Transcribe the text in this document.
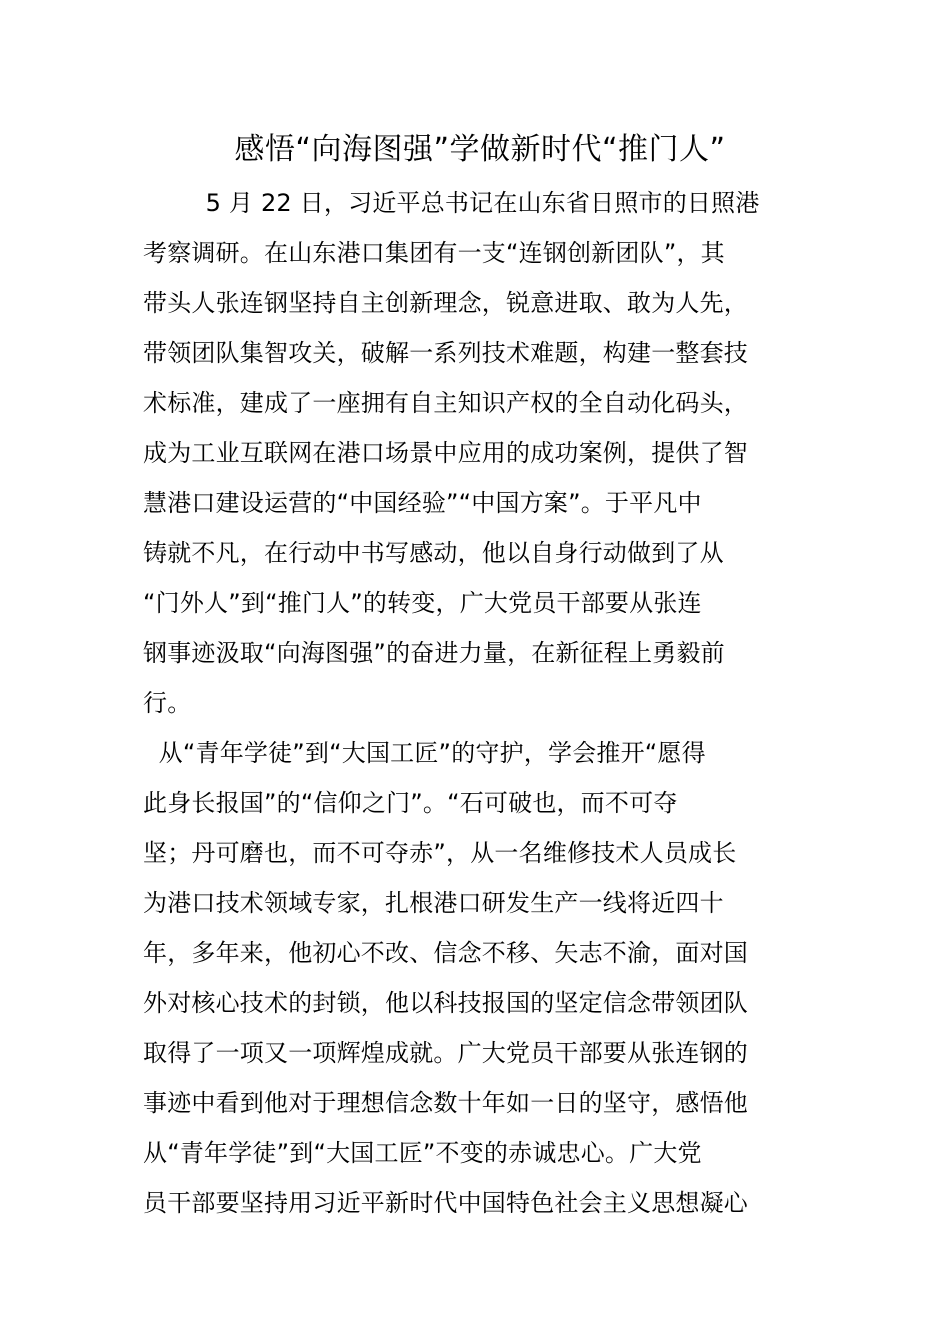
感悟“向海图强”学做新时代“推门人”
5 月 22 日，习近平总书记在山东省日照市的日照港
考察调研。在山东港口集团有一支“连钢创新团队”，其
带头人张连钢坚持自主创新理念，锐意进取、敢为人先，
带领团队集智攻关，破解一系列技术难题，构建一整套技
术标准，建成了一座拥有自主知识产权的全自动化码头，
成为工业互联网在港口场景中应用的成功案例，提供了智
慧港口建设运营的“中国经验”“中国方案”。于平凡中
铸就不凡，在行动中书写感动，他以自身行动做到了从
“门外人”到“推门人”的转变，广大党员干部要从张连
钢事迹汲取“向海图强”的奋进力量，在新征程上勇毅前
行。
从“青年学徒”到“大国工匠”的守护，学会推开“愿得
此身长报国”的“信仰之门”。“石可破也，而不可夺
坚；丹可磨也，而不可夺赤”，从一名维修技术人员成长
为港口技术领域专家，扎根港口研发生产一线将近四十
年，多年来，他初心不改、信念不移、矢志不渝，面对国
外对核心技术的封锁，他以科技报国的坚定信念带领团队
取得了一项又一项辉煌成就。广大党员干部要从张连钢的
事迹中看到他对于理想信念数十年如一日的坚守，感悟他
从“青年学徒”到“大国工匠”不变的赤诚忠心。广大党
员干部要坚持用习近平新时代中国特色社会主义思想凝心
